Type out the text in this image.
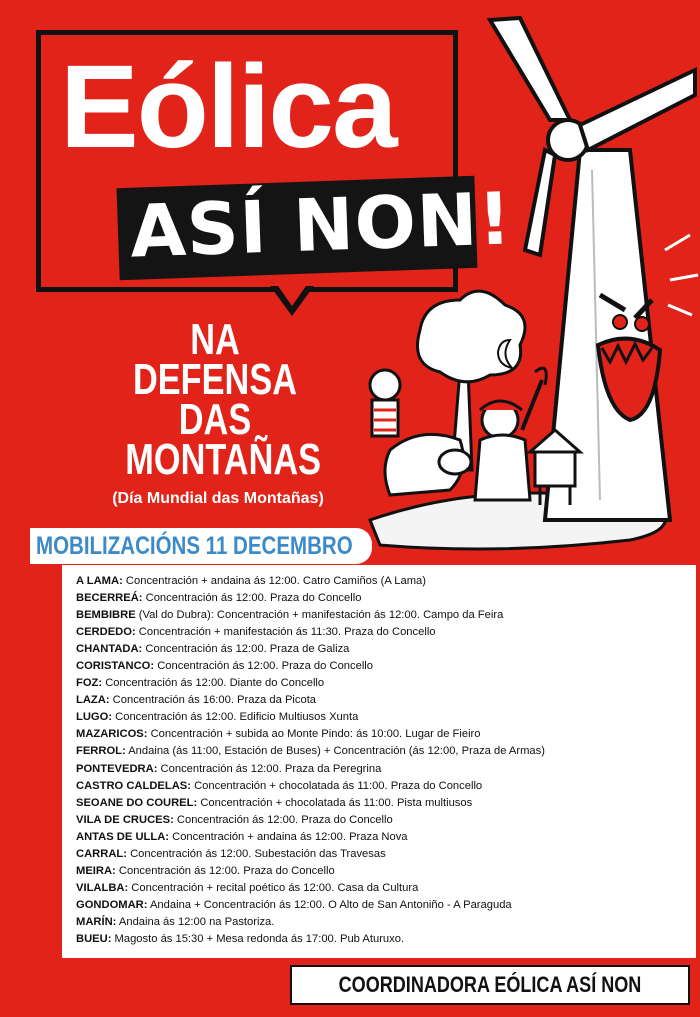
Eólica
ASÍ NON!
NA
DEFENSA
DAS
MONTAÑAS
(Día Mundial das Montañas)
MOBILIZACIÓNS 11 DECEMBRO
A LAMA: Concentración + andaina ás 12:00. Catro Camiños (A Lama)
BECERREÁ: Concentración ás 12:00. Praza do Concello
BEMBIBRE (Val do Dubra): Concentración + manifestación ás 12:00. Campo da Feira
CERDEDO: Concentración + manifestación ás 11:30. Praza do Concello
CHANTADA: Concentración ás 12:00. Praza de Galiza
CORISTANCO: Concentración ás 12:00. Praza do Concello
FOZ: Concentración ás 12:00. Diante do Concello
LAZA: Concentración ás 16:00. Praza da Picota
LUGO: Concentración ás 12:00. Edificio Multiusos Xunta
MAZARICOS: Concentración + subida ao Monte Pindo: ás 10:00. Lugar de Fieiro
FERROL: Andaina (ás 11:00, Estación de Buses) + Concentración (ás 12:00, Praza de Armas)
PONTEVEDRA: Concentración ás 12:00. Praza da Peregrina
CASTRO CALDELAS: Concentración + chocolatada ás 11:00. Praza do Concello
SEOANE DO COUREL: Concentración + chocolatada ás 11:00. Pista multiusos
VILA DE CRUCES: Concentración ás 12:00. Praza do Concello
ANTAS DE ULLA: Concentración + andaina ás 12:00. Praza Nova
CARRAL: Concentración ás 12:00. Subestación das Travesas
MEIRA: Concentración ás 12:00. Praza do Concello
VILALBA: Concentración + recital poético ás 12:00. Casa da Cultura
GONDOMAR: Andaina + Concentración ás 12:00. O Alto de San Antoniño - A Paraguda
MARÍN: Andaina ás 12:00 na Pastoriza.
BUEU: Magosto ás 15:30 + Mesa redonda ás 17:00. Pub Aturuxo.
COORDINADORA EÓLICA ASÍ NON
